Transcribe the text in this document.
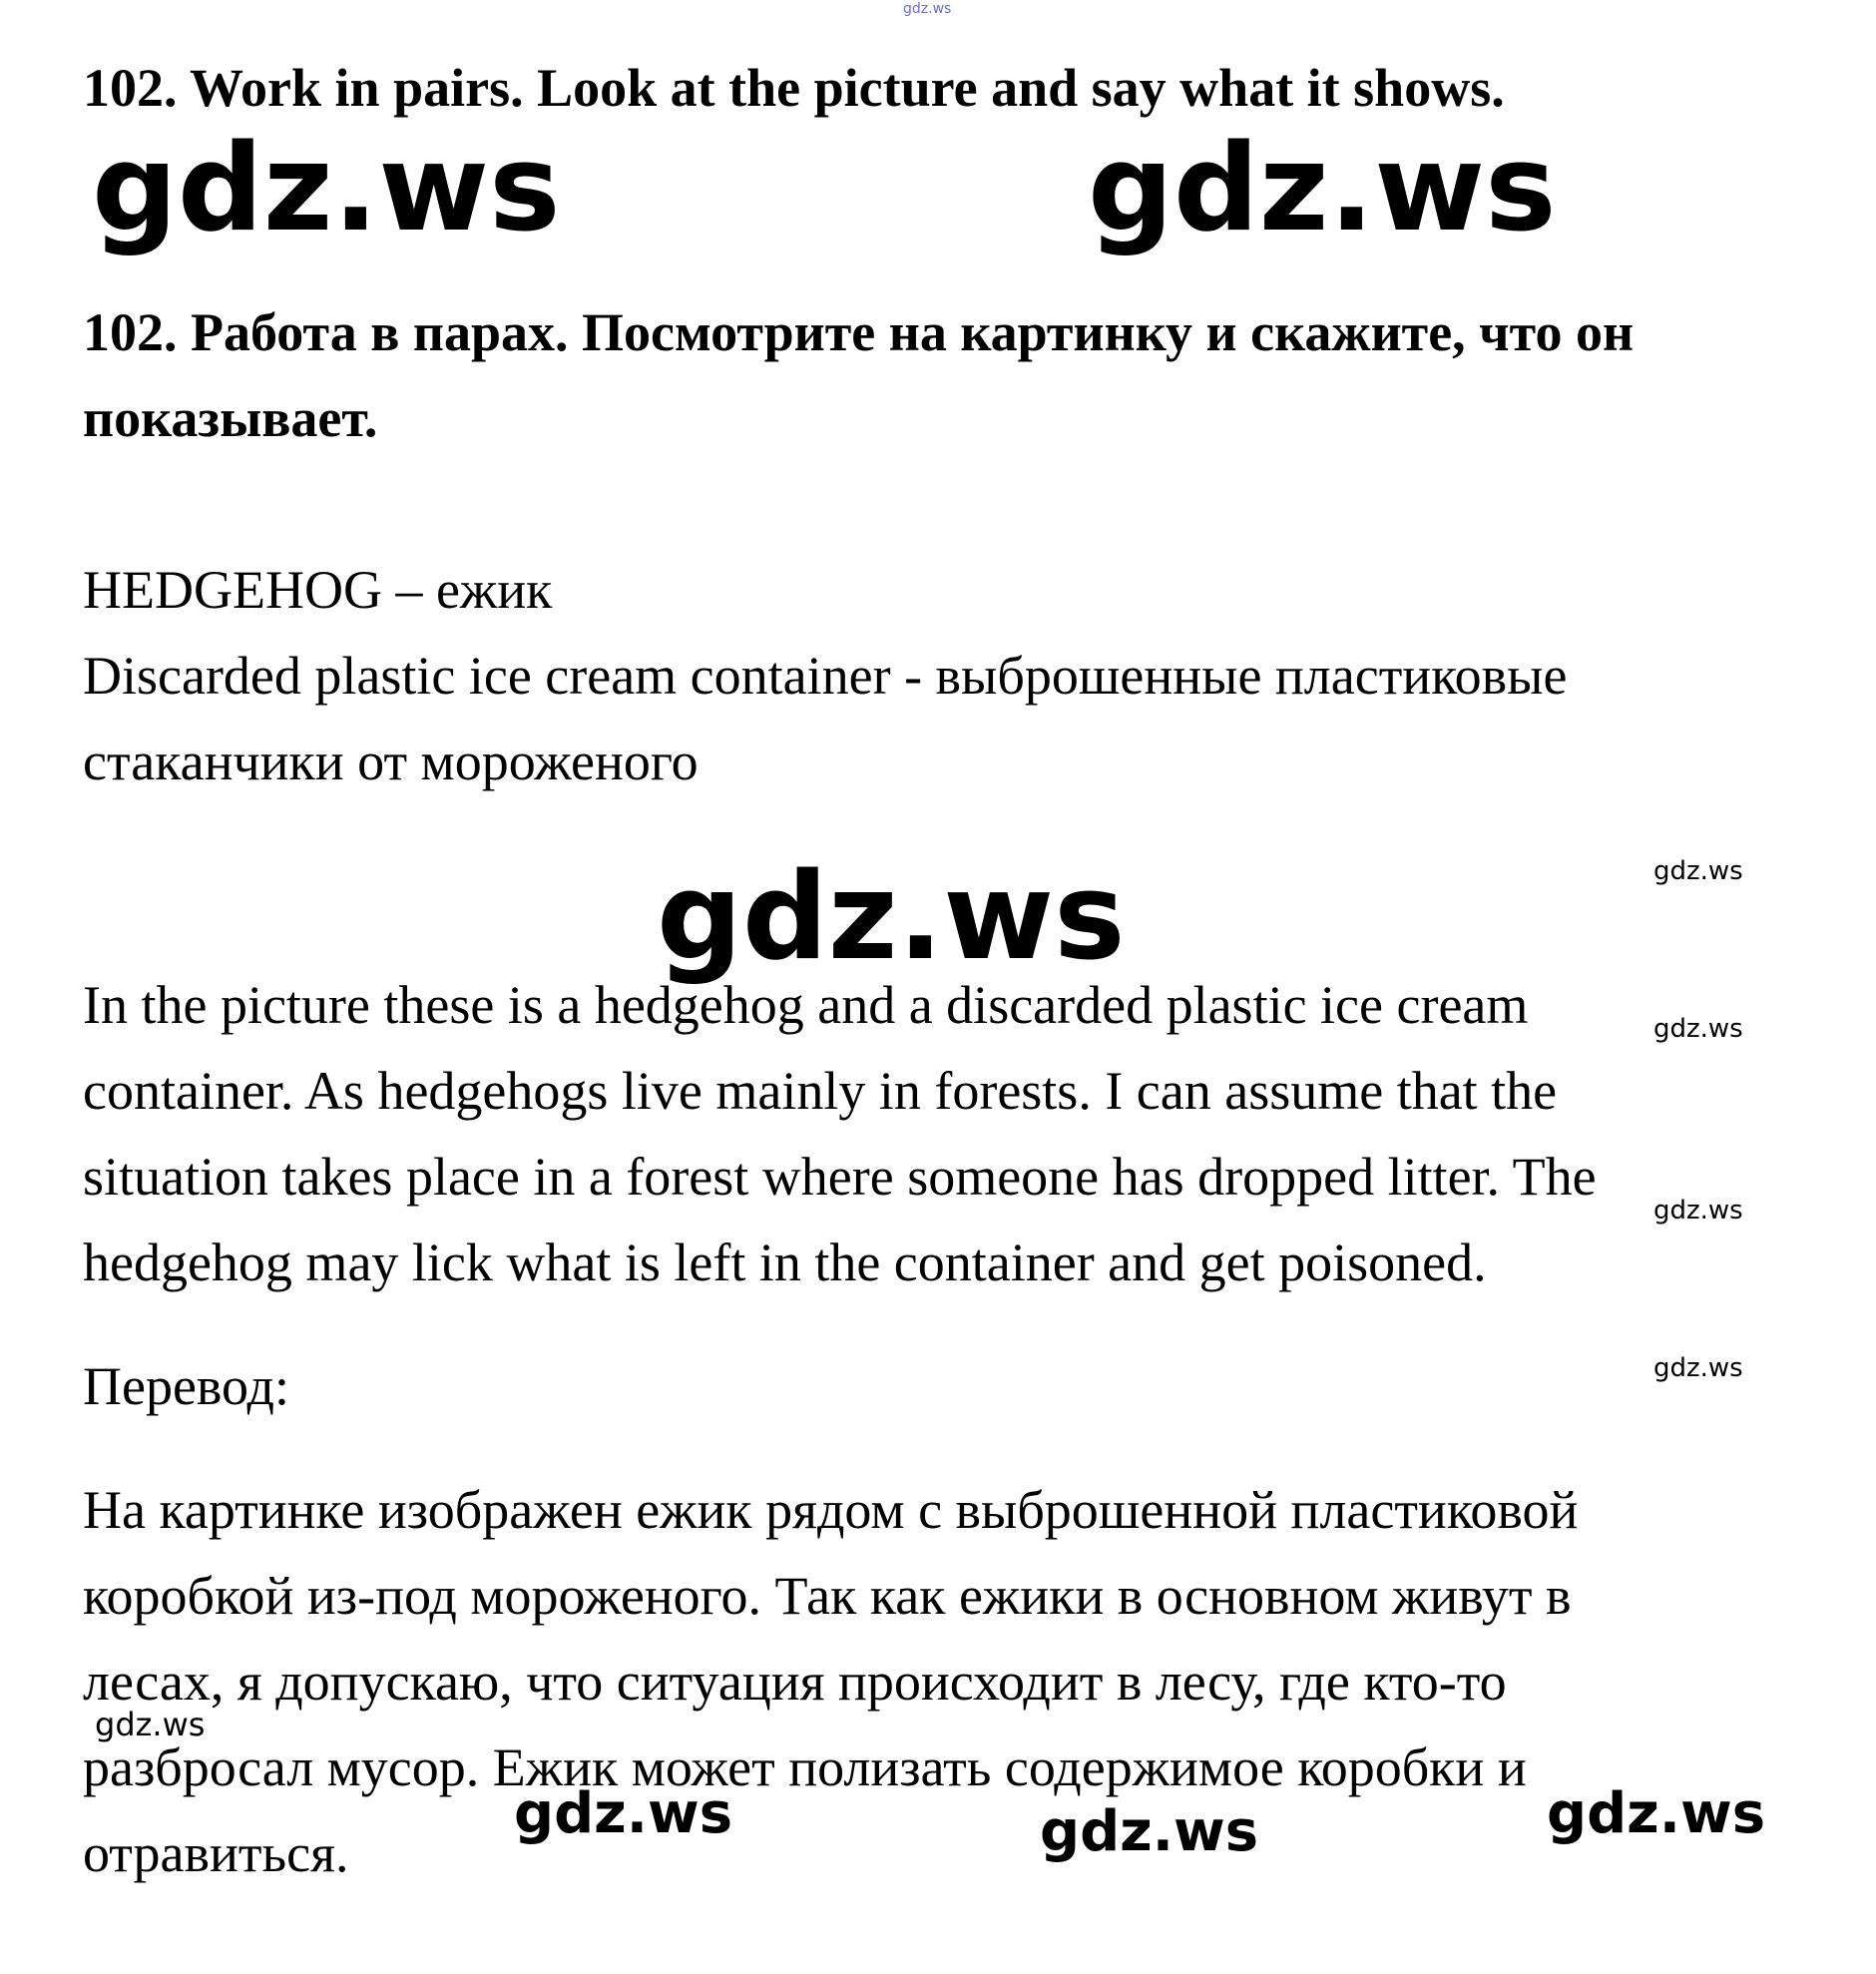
gdz.ws
102. Work in pairs. Look at the picture and say what it shows.
gdz.ws	gdz.ws
102. Работа в парах. Посмотрите на картинку и скажите, что он
показывает.
HEDGEHOG – ежик
Discarded plastic ice cream container - выброшенные пластиковые
стаканчики от мороженого
gdz.ws	gdz.ws
In the picture these is a hedgehog and a discarded plastic ice cream
container. As hedgehogs live mainly in forests. I can assume that the
situation takes place in a forest where someone has dropped litter. The
hedgehog may lick what is left in the container and get poisoned.
gdz.ws
gdz.ws
Перевод:	gdz.ws
На картинке изображен ежик рядом с выброшенной пластиковой
коробкой из-под мороженого. Так как ежики в основном живут в
лесах, я допускаю, что ситуация происходит в лесу, где кто-то
разбросал мусор. Ежик может полизать содержимое коробки и
отравиться.
gdz.ws
gdz.ws	gdz.ws	gdz.ws
